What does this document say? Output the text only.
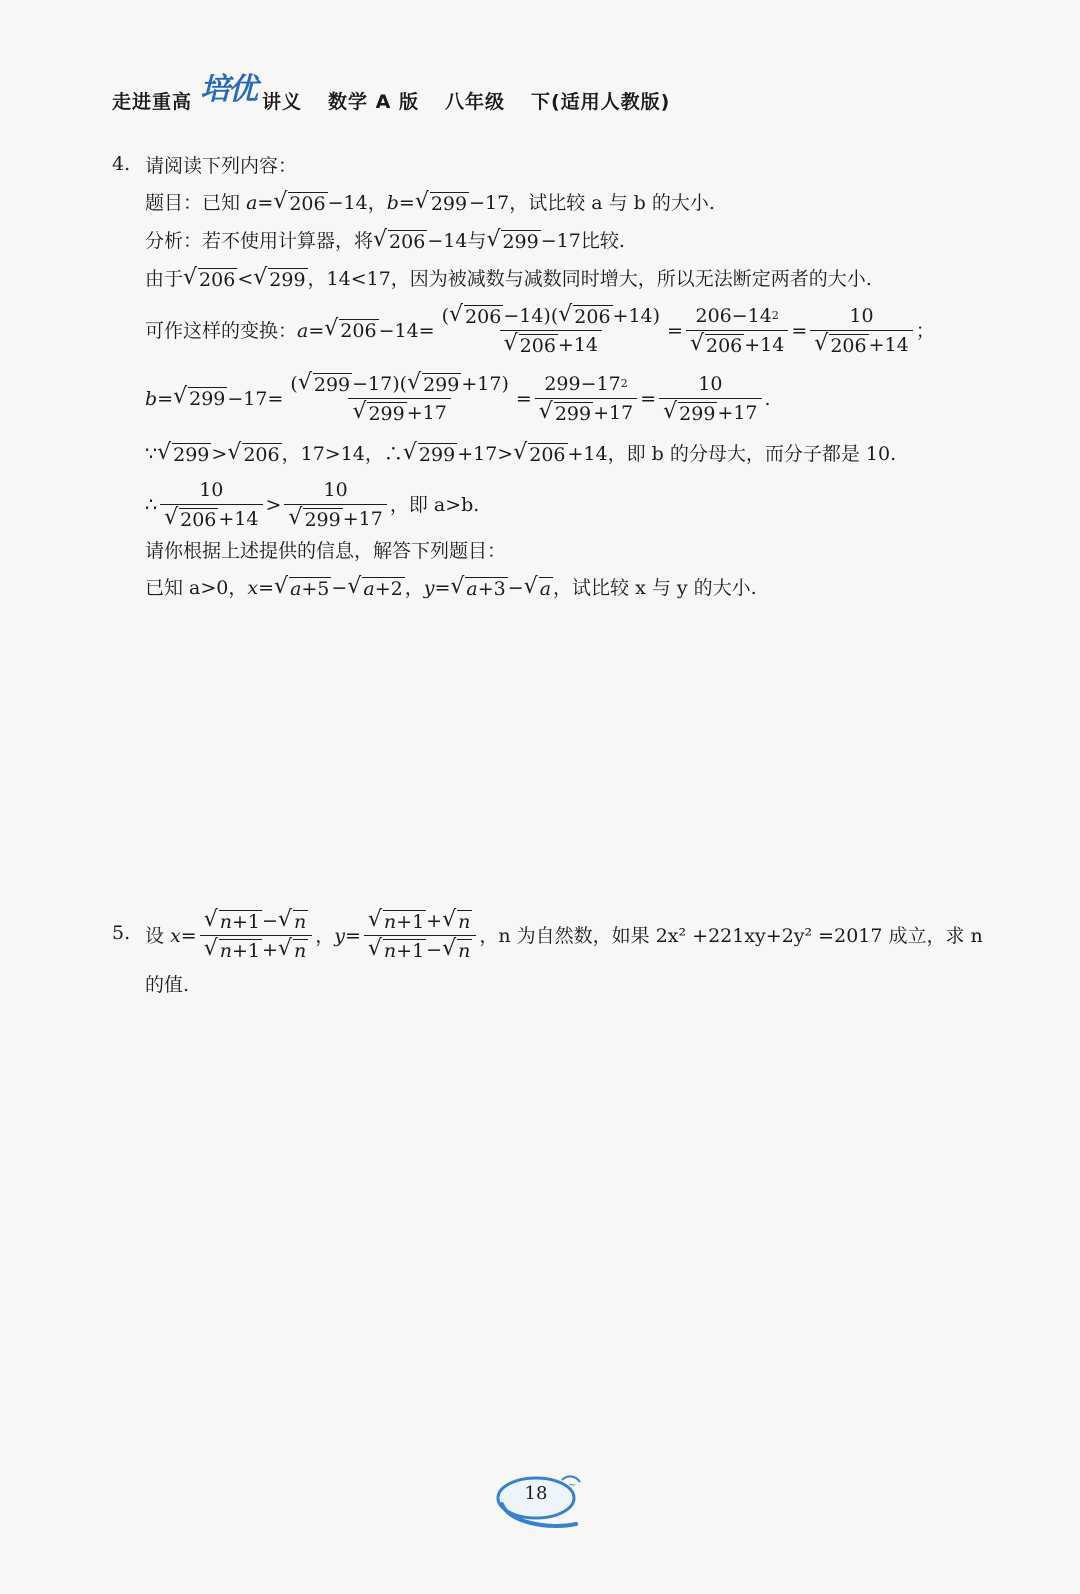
走进重高 培优 讲义 数学 A 版 八年级 下(适用人教版)
4. 请阅读下列内容：
题目：已知
a = √ 206 −14， b = √ 299 −17 ，试比较 a 与 b 的大小.
分析：若不使用计算器，将 √ 206 −14 与 √ 299 −17 比较.
由于 √ 206 < √ 299 ，14<17，因为被减数与减数同时增大，所以无法断定两者的大小.
可作这样的变换： a = √ $206 -14= \frac{( √ 206 -14)( √ 206 +14)}{√ 206 +14} = \frac{206-14 2}{√ 206 +14} = \frac{10}{√ 206 +14}$ ；
b = √ $299 -17= \frac{( √ 299 -17)( √ 299 +17)}{√ 299 +17} = \frac{299-17 2}{√ 299 +17} = \frac{10}{√ 299 +17}$ .
∵ √ 299 > √ 206 ，17>14，∴ √ 299 +17> √ 206 +14 ，即 b 的分母大，而分子都是 10.
∴ $\frac{10}{√ 206 +14} > \frac{10}{√ 299 +17}$ ，即 a>b.
请你根据上述提供的信息，解答下列题目：
已知 a>0， x = √ a+5 − √ a+2 ， y = √ a+3 − √ a ，试比较 x 与 y 的大小.
5. 设
$x = \frac{√ n+1 - √ n}{√ n+1 + √ n}$ ， $y = \frac{√ n+1 + √ n}{√ n+1 - √ n}$ ，n 为自然数，如果 2x² +221xy+2y² =2017 成立，求 n
的值.
~
18
